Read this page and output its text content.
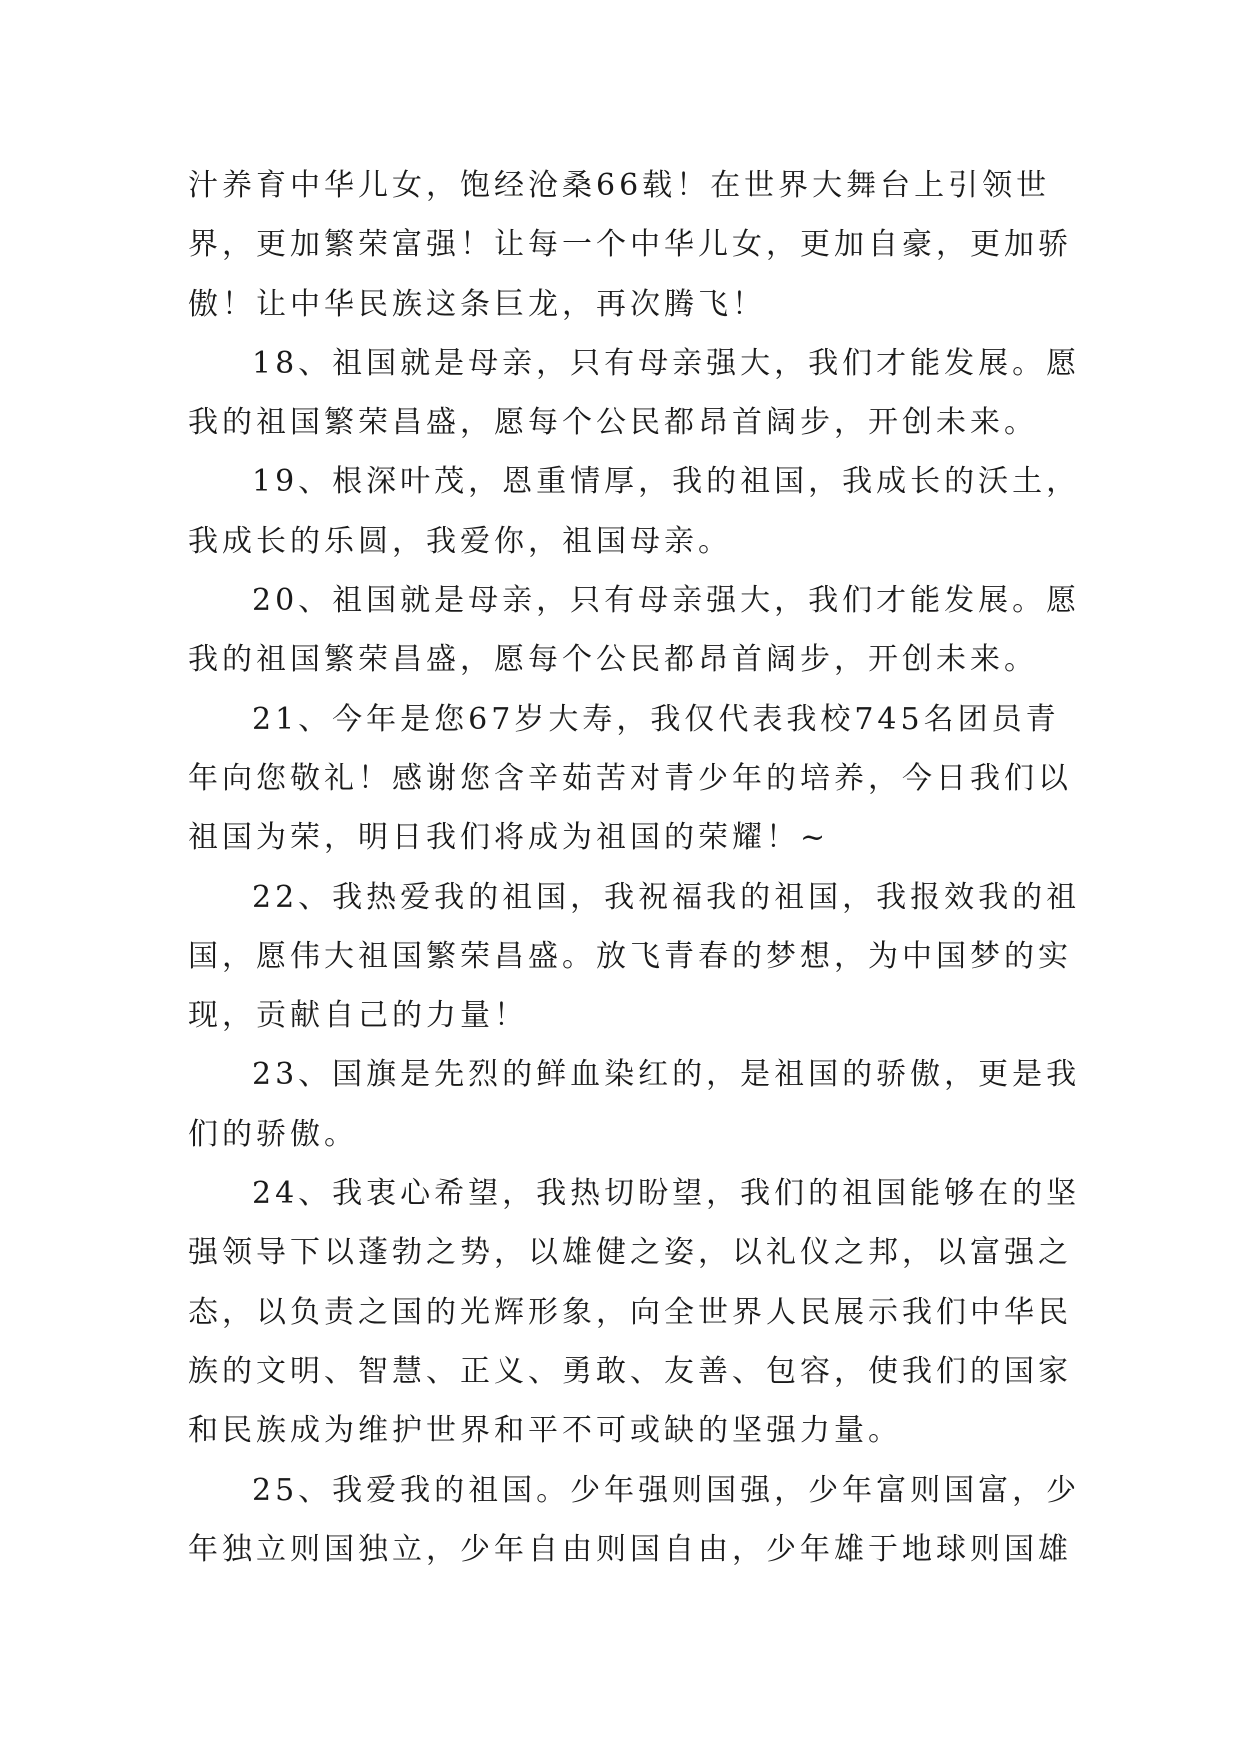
汁养育中华儿女，饱经沧桑66载！在世界大舞台上引领世
界，更加繁荣富强！让每一个中华儿女，更加自豪，更加骄
傲！让中华民族这条巨龙，再次腾飞！
18、祖国就是母亲，只有母亲强大，我们才能发展。愿
我的祖国繁荣昌盛，愿每个公民都昂首阔步，开创未来。
19、根深叶茂，恩重情厚，我的祖国，我成长的沃土，
我成长的乐圆，我爱你，祖国母亲。
20、祖国就是母亲，只有母亲强大，我们才能发展。愿
我的祖国繁荣昌盛，愿每个公民都昂首阔步，开创未来。
21、今年是您67岁大寿，我仅代表我校745名团员青
年向您敬礼！感谢您含辛茹苦对青少年的培养，今日我们以
祖国为荣，明日我们将成为祖国的荣耀！~
22、我热爱我的祖国，我祝福我的祖国，我报效我的祖
国，愿伟大祖国繁荣昌盛。放飞青春的梦想，为中国梦的实
现，贡献自己的力量！
23、国旗是先烈的鲜血染红的，是祖国的骄傲，更是我
们的骄傲。
24、我衷心希望，我热切盼望，我们的祖国能够在的坚
强领导下以蓬勃之势，以雄健之姿，以礼仪之邦，以富强之
态，以负责之国的光辉形象，向全世界人民展示我们中华民
族的文明、智慧、正义、勇敢、友善、包容，使我们的国家
和民族成为维护世界和平不可或缺的坚强力量。
25、我爱我的祖国。少年强则国强，少年富则国富，少
年独立则国独立，少年自由则国自由，少年雄于地球则国雄
